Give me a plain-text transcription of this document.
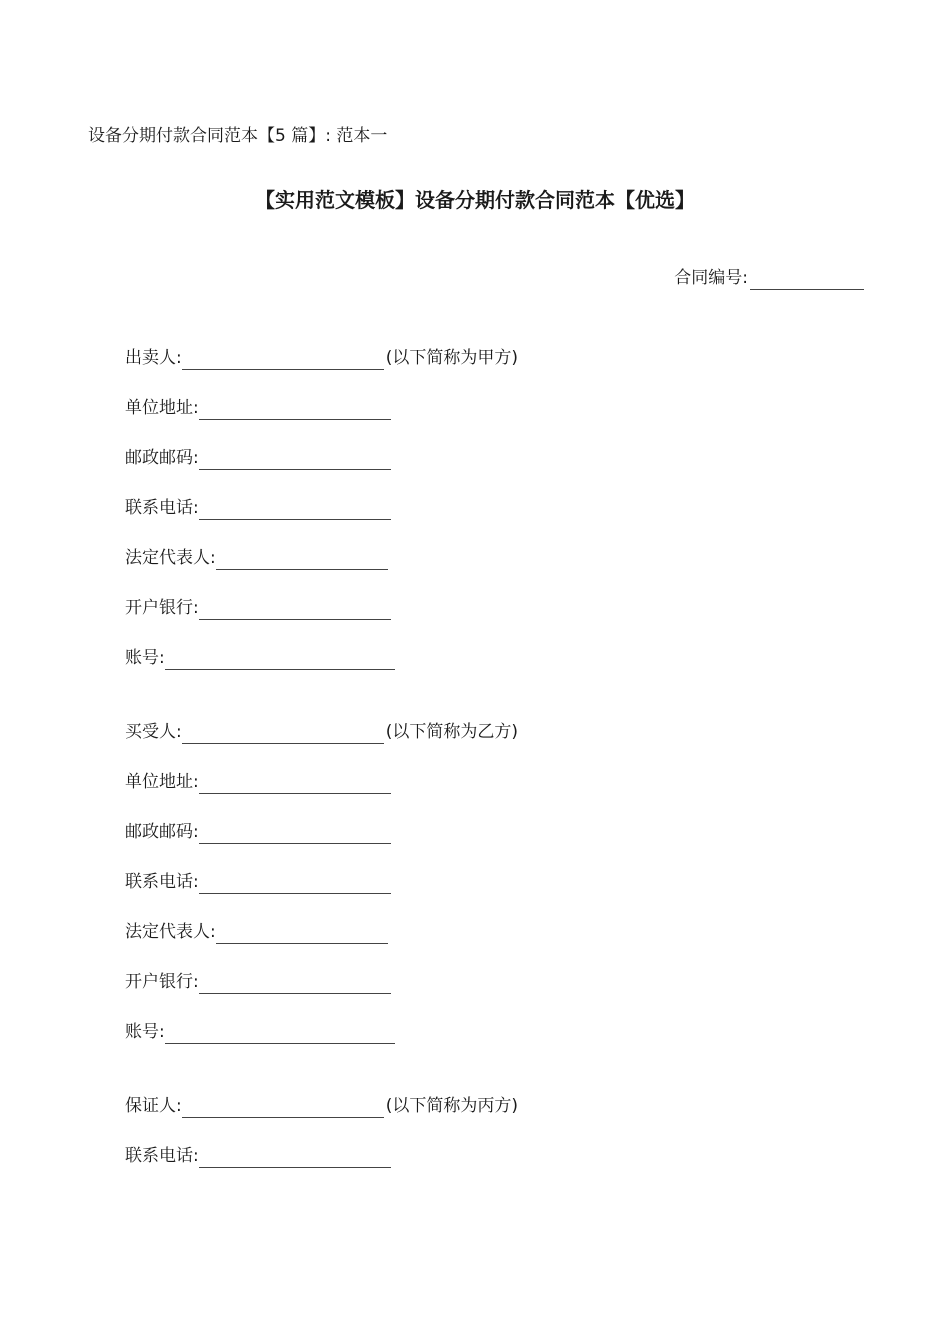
设备分期付款合同范本【5 篇】: 范本一
【实用范文模板】设备分期付款合同范本【优选】
合同编号:
出卖人:	(以下简称为甲方)
单位地址:
邮政邮码:
联系电话:
法定代表人:
开户银行:
账号:
买受人:	(以下简称为乙方)
单位地址:
邮政邮码:
联系电话:
法定代表人:
开户银行:
账号:
保证人:	(以下简称为丙方)
联系电话:
